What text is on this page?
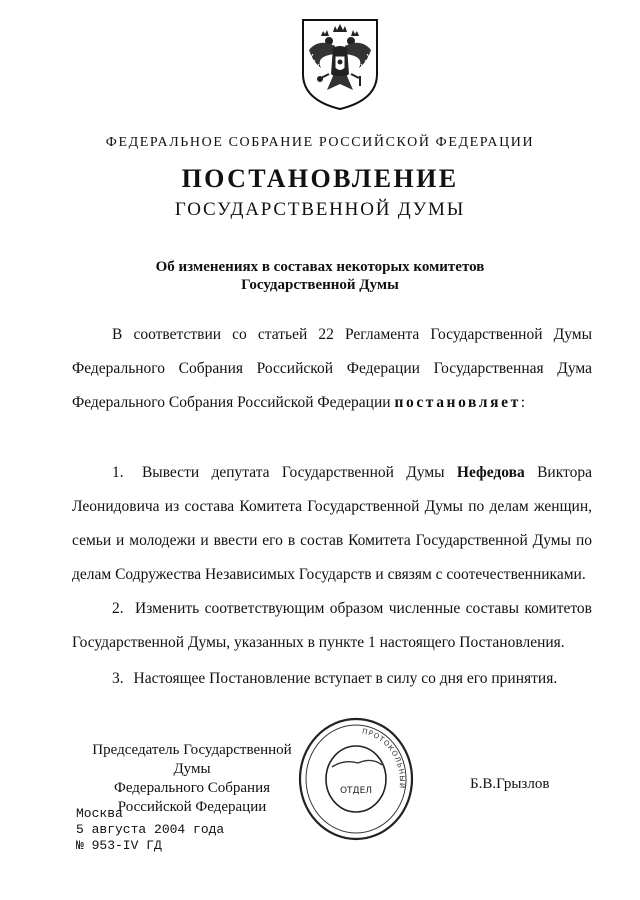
ФЕДЕРАЛЬНОЕ СОБРАНИЕ РОССИЙСКОЙ ФЕДЕРАЦИИ
ПОСТАНОВЛЕНИЕ
ГОСУДАРСТВЕННОЙ ДУМЫ
Об изменениях в составах некоторых комитетов
Государственной Думы

В соответствии со статьей 22 Регламента Государственной Думы Федерального Собрания Российской Федерации Государственная Дума Федерального Собрания Российской Федерации постановляет:

1. Вывести депутата Государственной Думы Нефедова Виктора Леонидовича из состава Комитета Государственной Думы по делам женщин, семьи и молодежи и ввести его в состав Комитета Государственной Думы по делам Содружества Независимых Государств и связям с соотечественниками.

2. Изменить соответствующим образом численные составы комитетов Государственной Думы, указанных в пункте 1 настоящего Постановления.

3. Настоящее Постановление вступает в силу со дня его принятия.

Председатель Государственной Думы
Федерального Собрания
Российской Федерации
ПРОТОКОЛЬНЫЙ
ОТДЕЛ	Б.В.Грызлов
Москва
5 августа 2004 года
№ 953-IV ГД
